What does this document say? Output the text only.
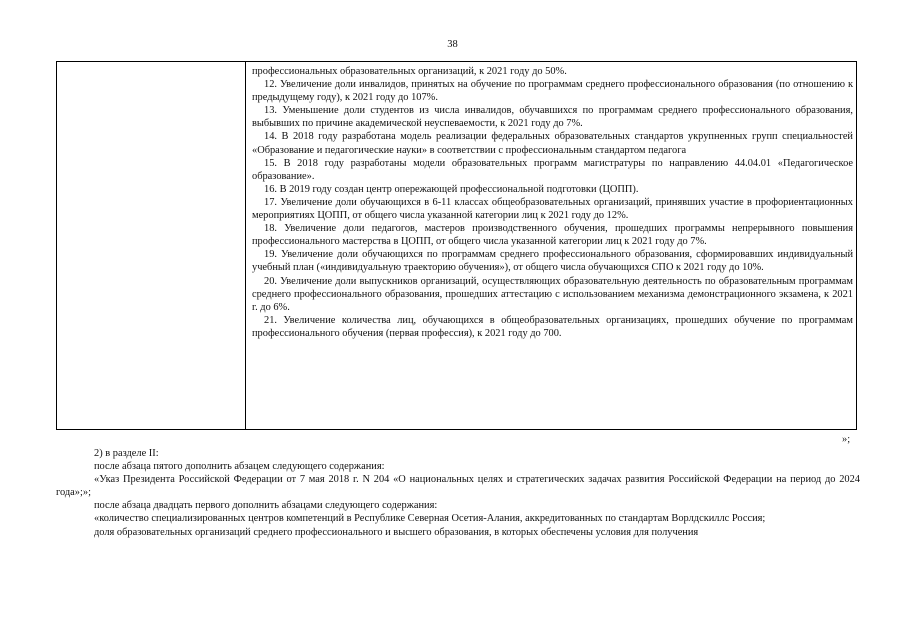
38

профессиональных образовательных организаций, к 2021 году до 50%.

12. Увеличение доли инвалидов, принятых на обучение по программам среднего профессионального образования (по отношению к предыдущему году), к 2021 году до 107%.

13. Уменьшение доли студентов из числа инвалидов, обучавшихся по программам среднего профессионального образования, выбывших по причине академической неуспеваемости, к 2021 году до 7%.

14. В 2018 году разработана модель реализации федеральных образовательных стандартов укрупненных групп специальностей «Образование и педагогические науки» в соответствии с профессиональным стандартом педагога

15. В 2018 году разработаны модели образовательных программ магистратуры по направлению 44.04.01 «Педагогическое образование».

16. В 2019 году создан центр опережающей профессиональной подготовки (ЦОПП).

17. Увеличение доли обучающихся в 6-11 классах общеобразовательных организаций, принявших участие в профориентационных мероприятиях ЦОПП, от общего числа указанной категории лиц к 2021 году до 12%.

18. Увеличение доли педагогов, мастеров производственного обучения, прошедших программы непрерывного повышения профессионального мастерства в ЦОПП, от общего числа указанной категории лиц к 2021 году до 7%.

19. Увеличение доли обучающихся по программам среднего профессионального образования, сформировавших индивидуальный учебный план («индивидуальную траекторию обучения»), от общего числа обучающихся СПО к 2021 году до 10%.

20. Увеличение доли выпускников организаций, осуществляющих образовательную деятельность по образовательным программам среднего профессионального образования, прошедших аттестацию с использованием механизма демонстрационного экзамена, к 2021 г. до 6%.

21. Увеличение количества лиц, обучающихся в общеобразовательных организациях, прошедших обучение по программам профессионального обучения (первая профессия), к 2021 году до 700.

»;

2) в разделе II:

после абзаца пятого дополнить абзацем следующего содержания:

«Указ Президента Российской Федерации от 7 мая 2018 г. N 204 «О национальных целях и стратегических задачах развития Российской Федерации на период до 2024 года»;»;

после абзаца двадцать первого дополнить абзацами следующего содержания:

«количество специализированных центров компетенций в Республике Северная Осетия-Алания, аккредитованных по стандартам Ворлдскиллс Россия;

доля образовательных организаций среднего профессионального и высшего образования, в которых обеспечены условия для получения
